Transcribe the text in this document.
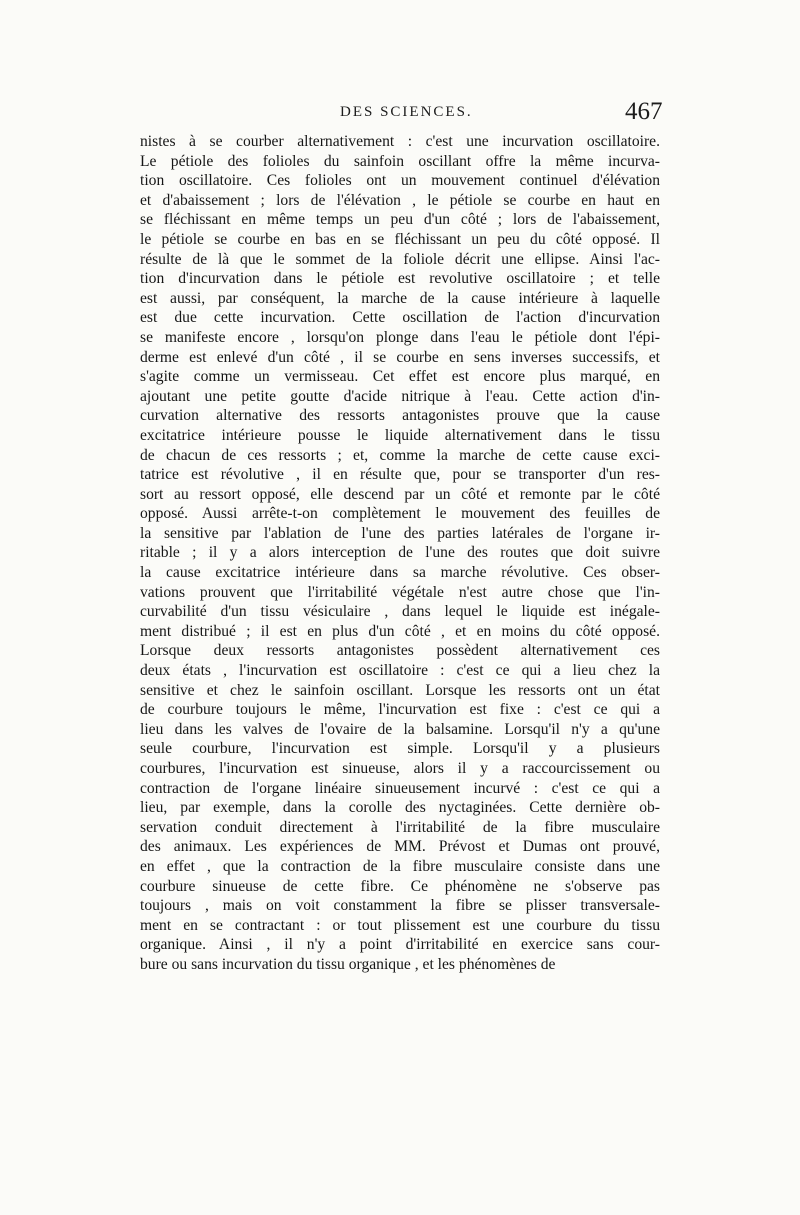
DES SCIENCES.	467
nistes à se courber alternativement : c'est une incurvation oscillatoire.
Le pétiole des folioles du sainfoin oscillant offre la même incurva-
tion oscillatoire. Ces folioles ont un mouvement continuel d'élévation
et d'abaissement ; lors de l'élévation , le pétiole se courbe en haut en
se fléchissant en même temps un peu d'un côté ; lors de l'abaissement,
le pétiole se courbe en bas en se fléchissant un peu du côté opposé. Il
résulte de là que le sommet de la foliole décrit une ellipse. Ainsi l'ac-
tion d'incurvation dans le pétiole est revolutive oscillatoire ; et telle
est aussi, par conséquent, la marche de la cause intérieure à laquelle
est due cette incurvation. Cette oscillation de l'action d'incurvation
se manifeste encore , lorsqu'on plonge dans l'eau le pétiole dont l'épi-
derme est enlevé d'un côté , il se courbe en sens inverses successifs, et
s'agite comme un vermisseau. Cet effet est encore plus marqué, en
ajoutant une petite goutte d'acide nitrique à l'eau. Cette action d'in-
curvation alternative des ressorts antagonistes prouve que la cause
excitatrice intérieure pousse le liquide alternativement dans le tissu
de chacun de ces ressorts ; et, comme la marche de cette cause exci-
tatrice est révolutive , il en résulte que, pour se transporter d'un res-
sort au ressort opposé, elle descend par un côté et remonte par le côté
opposé. Aussi arrête-t-on complètement le mouvement des feuilles de
la sensitive par l'ablation de l'une des parties latérales de l'organe ir-
ritable ; il y a alors interception de l'une des routes que doit suivre
la cause excitatrice intérieure dans sa marche révolutive. Ces obser-
vations prouvent que l'irritabilité végétale n'est autre chose que l'in-
curvabilité d'un tissu vésiculaire , dans lequel le liquide est inégale-
ment distribué ; il est en plus d'un côté , et en moins du côté opposé.
Lorsque deux ressorts antagonistes possèdent alternativement ces
deux états , l'incurvation est oscillatoire : c'est ce qui a lieu chez la
sensitive et chez le sainfoin oscillant. Lorsque les ressorts ont un état
de courbure toujours le même, l'incurvation est fixe : c'est ce qui a
lieu dans les valves de l'ovaire de la balsamine. Lorsqu'il n'y a qu'une
seule courbure, l'incurvation est simple. Lorsqu'il y a plusieurs
courbures, l'incurvation est sinueuse, alors il y a raccourcissement ou
contraction de l'organe linéaire sinueusement incurvé : c'est ce qui a
lieu, par exemple, dans la corolle des nyctaginées. Cette dernière ob-
servation conduit directement à l'irritabilité de la fibre musculaire
des animaux. Les expériences de MM. Prévost et Dumas ont prouvé,
en effet , que la contraction de la fibre musculaire consiste dans une
courbure sinueuse de cette fibre. Ce phénomène ne s'observe pas
toujours , mais on voit constamment la fibre se plisser transversale-
ment en se contractant : or tout plissement est une courbure du tissu
organique. Ainsi , il n'y a point d'irritabilité en exercice sans cour-
bure ou sans incurvation du tissu organique , et les phénomènes de
